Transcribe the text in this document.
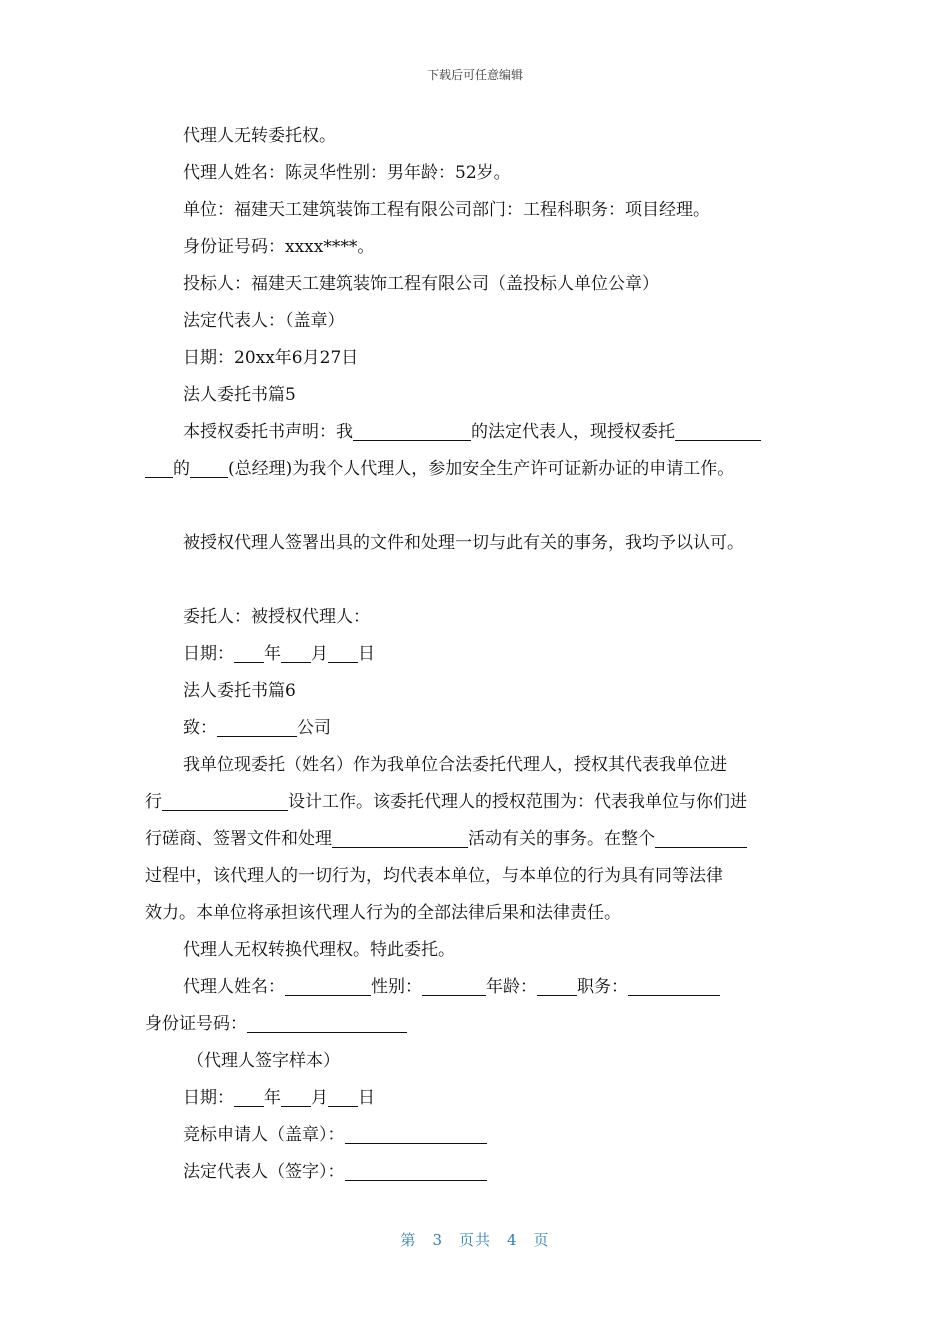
下载后可任意编辑
代理人无转委托权。
代理人姓名：陈灵华性别：男年龄：52岁。
单位：福建天工建筑装饰工程有限公司部门：工程科职务：项目经理。
身份证号码：xxxx****。
投标人：福建天工建筑装饰工程有限公司（盖投标人单位公章）
法定代表人：（盖章）
日期：20xx年6月27日
法人委托书篇5
本授权委托书声明：我	的法定代表人，现授权委托
的 (总经理)为我个人代理人，参加安全生产许可证新办证的申请工作。
被授权代理人签署出具的文件和处理一切与此有关的事务，我均予以认可。
委托人：被授权代理人：
日期： 年 月 日
法人委托书篇6
致：	公司
我单位现委托（姓名）作为我单位合法委托代理人，授权其代表我单位进
行	设计工作。该委托代理人的授权范围为：代表我单位与你们进
行磋商、签署文件和处理	活动有关的事务。在整个
过程中，该代理人的一切行为，均代表本单位，与本单位的行为具有同等法律
效力。本单位将承担该代理人行为的全部法律后果和法律责任。
代理人无权转换代理权。特此委托。
代理人姓名：	性别：	年龄： 职务：
身份证号码：
（代理人签字样本）
日期： 年 月 日
竞标申请人（盖章）：
法定代表人（签字）：
第 3 页共 4 页
